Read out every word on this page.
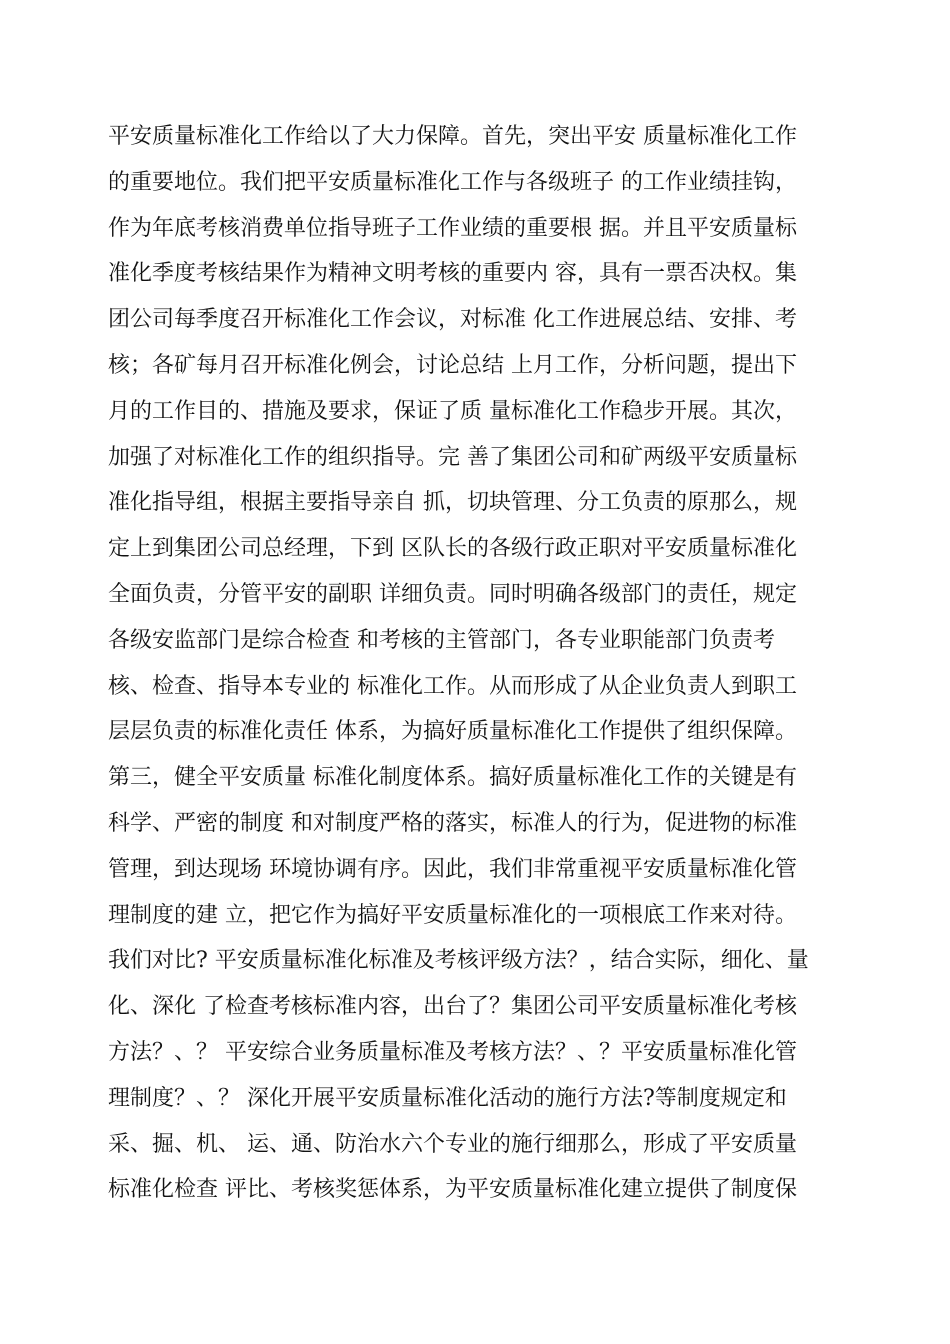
平安质量标准化工作给以了大力保障。首先，突出平安 质量标准化工作
的重要地位。我们把平安质量标准化工作与各级班子 的工作业绩挂钩，
作为年底考核消费单位指导班子工作业绩的重要根 据。并且平安质量标
准化季度考核结果作为精神文明考核的重要内 容，具有一票否决权。集
团公司每季度召开标准化工作会议，对标准 化工作进展总结、安排、考
核；各矿每月召开标准化例会，讨论总结 上月工作，分析问题，提出下
月的工作目的、措施及要求，保证了质 量标准化工作稳步开展。其次，
加强了对标准化工作的组织指导。完 善了集团公司和矿两级平安质量标
准化指导组，根据主要指导亲自 抓，切块管理、分工负责的原那么，规
定上到集团公司总经理，下到 区队长的各级行政正职对平安质量标准化
全面负责，分管平安的副职 详细负责。同时明确各级部门的责任，规定
各级安监部门是综合检查 和考核的主管部门，各专业职能部门负责考
核、检查、指导本专业的 标准化工作。从而形成了从企业负责人到职工
层层负责的标准化责任 体系，为搞好质量标准化工作提供了组织保障。
第三，健全平安质量 标准化制度体系。搞好质量标准化工作的关键是有
科学、严密的制度 和对制度严格的落实，标准人的行为，促进物的标准
管理，到达现场 环境协调有序。因此，我们非常重视平安质量标准化管
理制度的建 立，把它作为搞好平安质量标准化的一项根底工作来对待。
我们对比? 平安质量标准化标准及考核评级方法？，结合实际，细化、量
化、深化 了检查考核标准内容，出台了？集团公司平安质量标准化考核
方法？、？ 平安综合业务质量标准及考核方法？、？平安质量标准化管
理制度？、？ 深化开展平安质量标准化活动的施行方法?等制度规定和
采、掘、机、 运、通、防治水六个专业的施行细那么，形成了平安质量
标准化检查 评比、考核奖惩体系，为平安质量标准化建立提供了制度保
